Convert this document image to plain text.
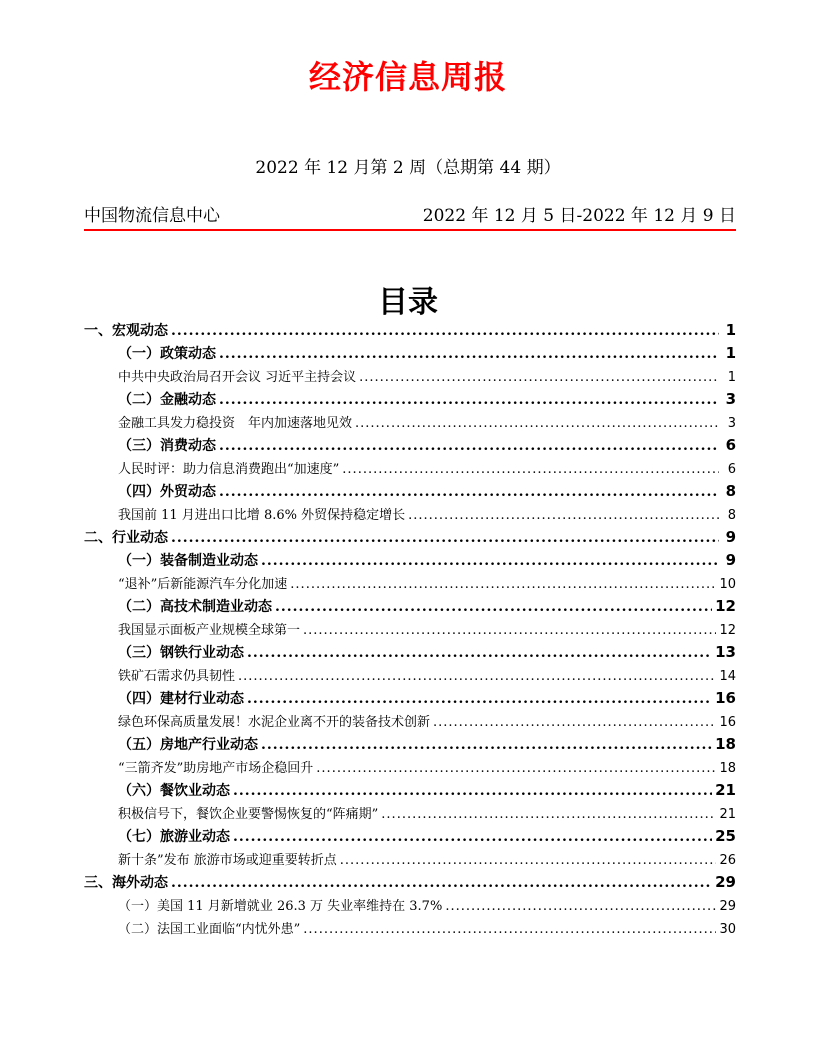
经济信息周报
2022 年 12 月第 2 周（总期第 44 期）
中国物流信息中心	2022 年 12 月 5 日-2022 年 12 月 9 日
目录
一、宏观动态 .....	1
（一）政策动态 .....	1
中共中央政治局召开会议 习近平主持会议 .....	1
（二）金融动态 .....	3
金融工具发力稳投资　年内加速落地见效 .....	3
（三）消费动态 .....	6
人民时评：助力信息消费跑出“加速度” .....	6
（四）外贸动态 .....	8
我国前 11 月进出口比增 8.6% 外贸保持稳定增长 .....	8
二、行业动态 .....	9
（一）装备制造业动态 .....	9
“退补”后新能源汽车分化加速 .....	10
（二）高技术制造业动态 .....	12
我国显示面板产业规模全球第一 .....	12
（三）钢铁行业动态 .....	13
铁矿石需求仍具韧性 .....	14
（四）建材行业动态 .....	16
绿色环保高质量发展！水泥企业离不开的装备技术创新 .....	16
（五）房地产行业动态 .....	18
“三箭齐发”助房地产市场企稳回升 .....	18
（六）餐饮业动态 .....	21
积极信号下，餐饮企业要警惕恢复的“阵痛期” .....	21
（七）旅游业动态 .....	25
新十条”发布 旅游市场或迎重要转折点 .....	26
三、海外动态 .....	29
（一）美国 11 月新增就业 26.3 万 失业率维持在 3.7% .....	29
（二）法国工业面临“内忧外患” .....	30
